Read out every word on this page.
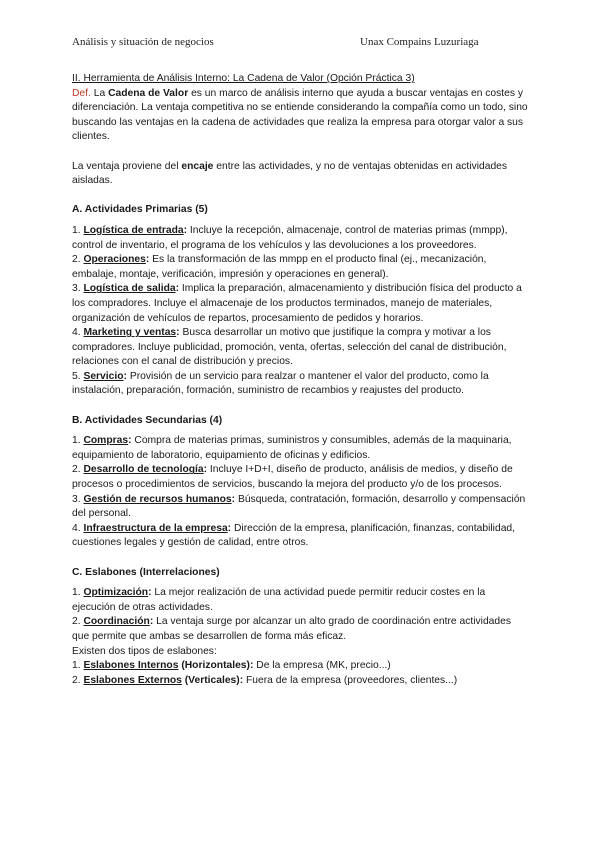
Análisis y situación de negocios	Unax Compains Luzuriaga

II. Herramienta de Análisis Interno: La Cadena de Valor (Opción Práctica 3)

Def. La Cadena de Valor es un marco de análisis interno que ayuda a buscar ventajas en costes y diferenciación. La ventaja competitiva no se entiende considerando la compañía como un todo, sino buscando las ventajas en la cadena de actividades que realiza la empresa para otorgar valor a sus clientes.

La ventaja proviene del encaje entre las actividades, y no de ventajas obtenidas en actividades aisladas.

A. Actividades Primarias (5)

1. Logística de entrada: Incluye la recepción, almacenaje, control de materias primas (mmpp), control de inventario, el programa de los vehículos y las devoluciones a los proveedores.

2. Operaciones: Es la transformación de las mmpp en el producto final (ej., mecanización, embalaje, montaje, verificación, impresión y operaciones en general).

3. Logística de salida: Implica la preparación, almacenamiento y distribución física del producto a los compradores. Incluye el almacenaje de los productos terminados, manejo de materiales, organización de vehículos de repartos, procesamiento de pedidos y horarios.

4. Marketing y ventas: Busca desarrollar un motivo que justifique la compra y motivar a los compradores. Incluye publicidad, promoción, venta, ofertas, selección del canal de distribución, relaciones con el canal de distribución y precios.

5. Servicio: Provisión de un servicio para realzar o mantener el valor del producto, como la instalación, preparación, formación, suministro de recambios y reajustes del producto.

B. Actividades Secundarias (4)

1. Compras: Compra de materias primas, suministros y consumibles, además de la maquinaria, equipamiento de laboratorio, equipamiento de oficinas y edificios.

2. Desarrollo de tecnología: Incluye I+D+I, diseño de producto, análisis de medios, y diseño de procesos o procedimientos de servicios, buscando la mejora del producto y/o de los procesos.

3. Gestión de recursos humanos: Búsqueda, contratación, formación, desarrollo y compensación del personal.

4. Infraestructura de la empresa: Dirección de la empresa, planificación, finanzas, contabilidad, cuestiones legales y gestión de calidad, entre otros.

C. Eslabones (Interrelaciones)

1. Optimización: La mejor realización de una actividad puede permitir reducir costes en la ejecución de otras actividades.

2. Coordinación: La ventaja surge por alcanzar un alto grado de coordinación entre actividades que permite que ambas se desarrollen de forma más eficaz.

Existen dos tipos de eslabones:

1. Eslabones Internos (Horizontales): De la empresa (MK, precio...)

2. Eslabones Externos (Verticales): Fuera de la empresa (proveedores, clientes...)
